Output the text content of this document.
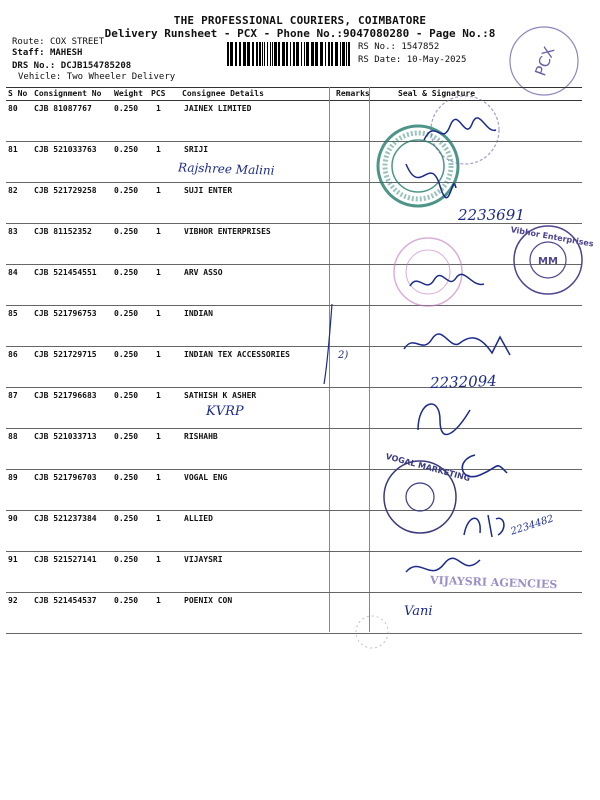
THE PROFESSIONAL COURIERS, COIMBATORE
Delivery Runsheet - PCX - Phone No.:9047080280 - Page No.:8
Route: COX STREET
Staff: MAHESH
DRS No.: DCJB154785208
Vehicle: Two Wheeler Delivery
RS No.: 1547852
RS Date: 10-May-2025	PCX
S No Consignment No Weight PCS Consignee Details	Remarks	Seal & Signature
80 CJB 81087767	0.250 1	JAINEX LIMITED
81 CJB 521033763 0.250 1	SRIJI
82 CJB 521729258 0.250 1	SUJI ENTER
83 CJB 81152352	0.250 1	VIBHOR ENTERPRISES
84 CJB 521454551 0.250 1	ARV ASSO
85 CJB 521796753 0.250 1	INDIAN
86 CJB 521729715 0.250 1	INDIAN TEX ACCESSORIES
87 CJB 521796683 0.250 1	SATHISH K ASHER
88 CJB 521033713 0.250 1	RISHAHB
89 CJB 521796703 0.250 1	VOGAL ENG
90 CJB 521237384 0.250 1	ALLIED
91 CJB 521527141 0.250 1	VIJAYSRI
92 CJB 521454537 0.250 1	POENIX CON
Vibhor Enterprises
MM
VOGAL MARKETING
VIJAYSRI AGENCIES
Rajshree Malini
2233691
2)
2232094
KVRP
2234482
Vani
